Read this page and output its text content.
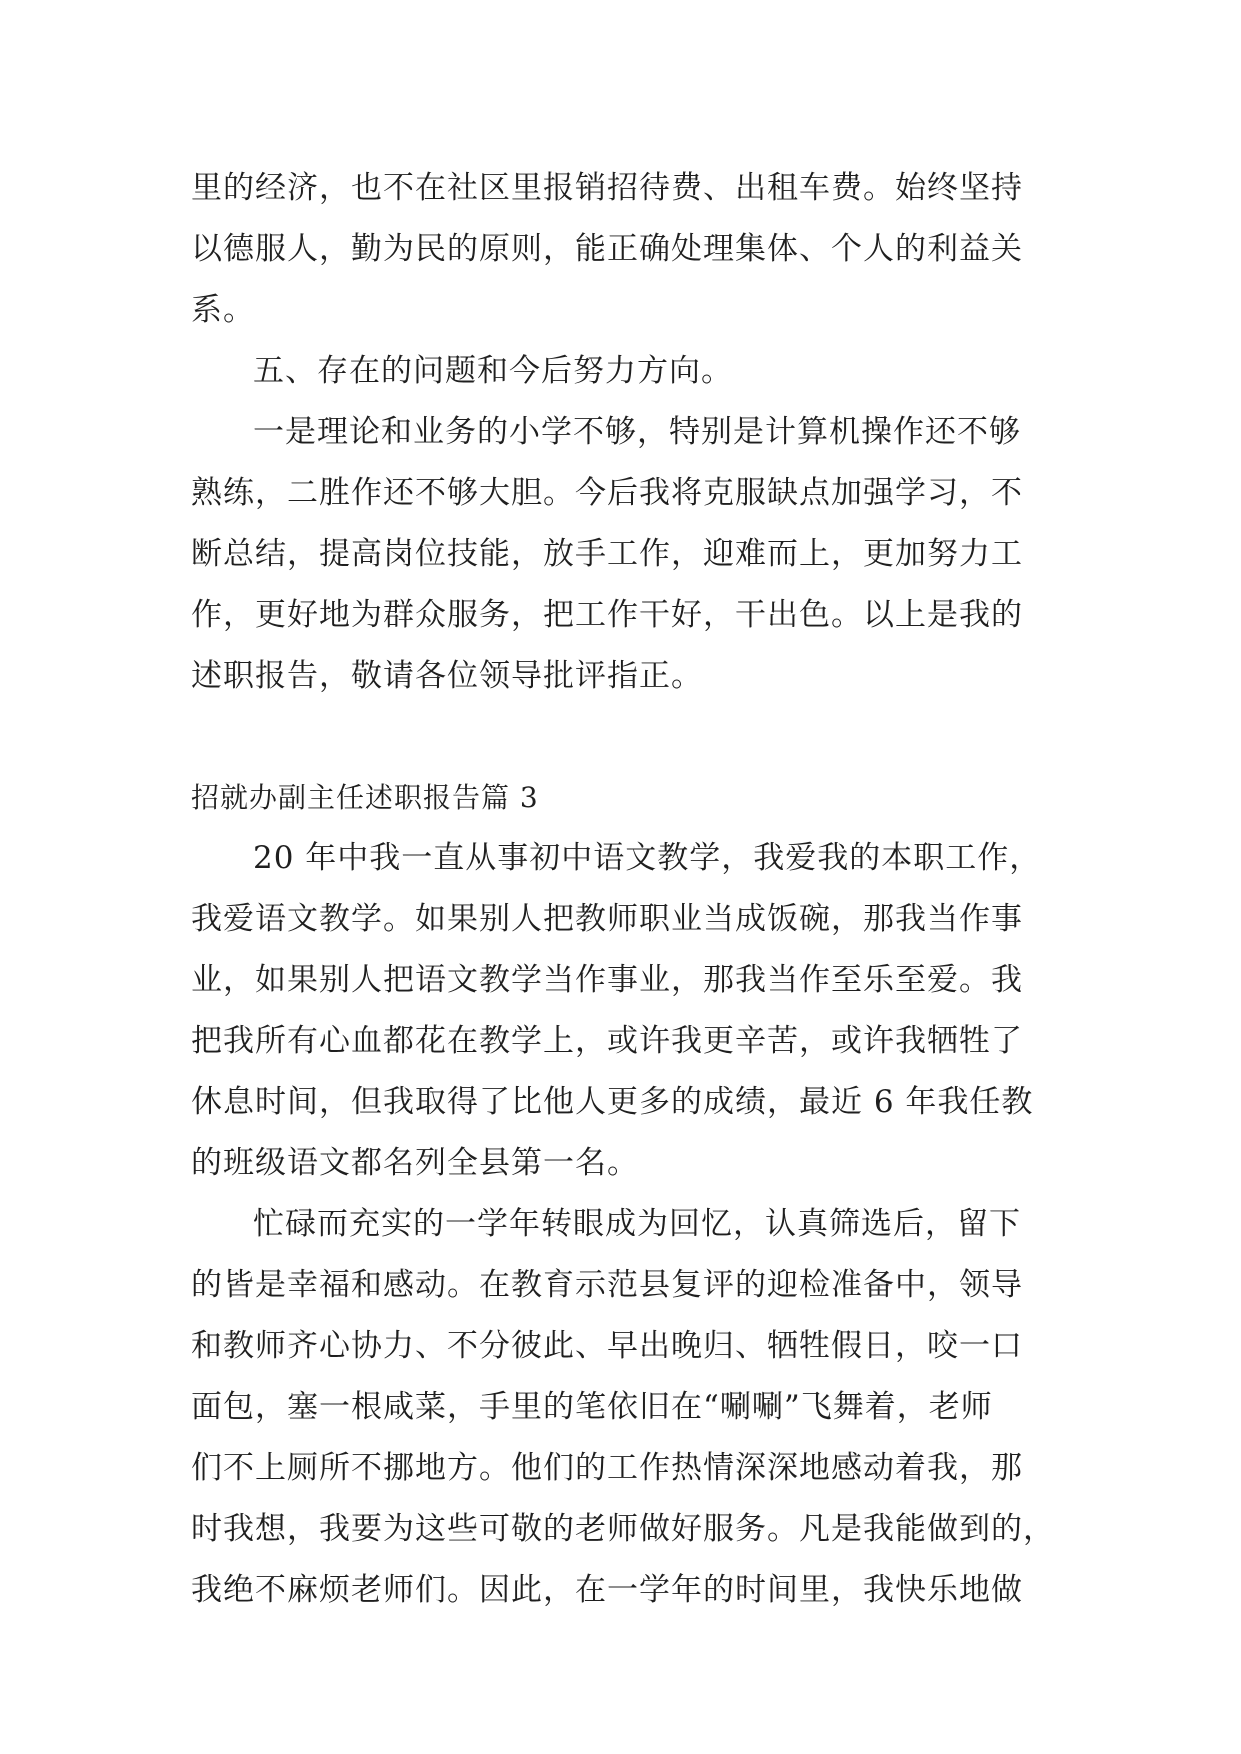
里的经济，也不在社区里报销招待费、出租车费。始终坚持
以德服人，勤为民的原则，能正确处理集体、个人的利益关
系。
五、存在的问题和今后努力方向。
一是理论和业务的小学不够，特别是计算机操作还不够
熟练，二胜作还不够大胆。今后我将克服缺点加强学习，不
断总结，提高岗位技能，放手工作，迎难而上，更加努力工
作，更好地为群众服务，把工作干好，干出色。以上是我的
述职报告，敬请各位领导批评指正。
招就办副主任述职报告篇 3
20 年中我一直从事初中语文教学，我爱我的本职工作，
我爱语文教学。如果别人把教师职业当成饭碗，那我当作事
业，如果别人把语文教学当作事业，那我当作至乐至爱。我
把我所有心血都花在教学上，或许我更辛苦，或许我牺牲了
休息时间，但我取得了比他人更多的成绩，最近 6 年我任教
的班级语文都名列全县第一名。
忙碌而充实的一学年转眼成为回忆，认真筛选后，留下
的皆是幸福和感动。在教育示范县复评的迎检准备中，领导
和教师齐心协力、不分彼此、早出晚归、牺牲假日，咬一口
面包，塞一根咸菜，手里的笔依旧在“唰唰”飞舞着，老师
们不上厕所不挪地方。他们的工作热情深深地感动着我，那
时我想，我要为这些可敬的老师做好服务。凡是我能做到的，
我绝不麻烦老师们。因此，在一学年的时间里，我快乐地做
